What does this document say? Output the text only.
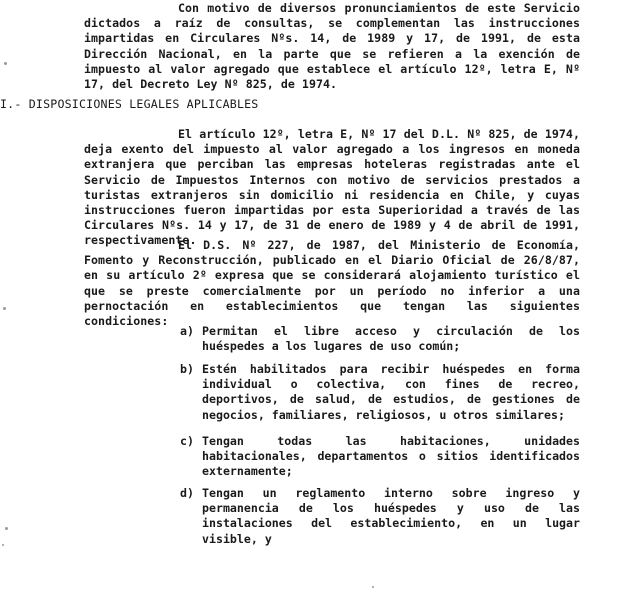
Con motivo de diversos pronunciamientos de este Servicio dictados a raíz de consultas, se complementan las instrucciones impartidas en Circulares Nºs. 14, de 1989 y 17, de 1991, de esta Dirección Nacional, en la parte que se refieren a la exención de impuesto al valor agregado que establece el artículo 12º, letra E, Nº 17, del Decreto Ley Nº 825, de 1974.
I.- DISPOSICIONES LEGALES APLICABLES
El artículo 12º, letra E, Nº 17 del D.L. Nº 825, de 1974, deja exento del impuesto al valor agregado a los ingresos en moneda extranjera que perciban las empresas hoteleras registradas ante el Servicio de Impuestos Internos con motivo de servicios prestados a turistas extranjeros sin domicilio ni residencia en Chile, y cuyas instrucciones fueron impartidas por esta Superioridad a través de las Circulares Nºs. 14 y 17, de 31 de enero de 1989 y 4 de abril de 1991, respectivamente.
El D.S. Nº 227, de 1987, del Ministerio de Economía, Fomento y Reconstrucción, publicado en el Diario Oficial de 26/8/87, en su artículo 2º expresa que se considerará alojamiento turístico el que se preste comercialmente por un período no inferior a una pernoctación en establecimientos que tengan las siguientes condiciones:
a) Permitan el libre acceso y circulación de los huéspedes a los lugares de uso común;
b) Estén habilitados para recibir huéspedes en forma individual o colectiva, con fines de recreo, deportivos, de salud, de estudios, de gestiones de negocios, familiares, religiosos, u otros similares;
c) Tengan todas las habitaciones, unidades habitacionales, departamentos o sitios identificados externamente;
d) Tengan un reglamento interno sobre ingreso y permanencia de los huéspedes y uso de las instalaciones del establecimiento, en un lugar visible, y
